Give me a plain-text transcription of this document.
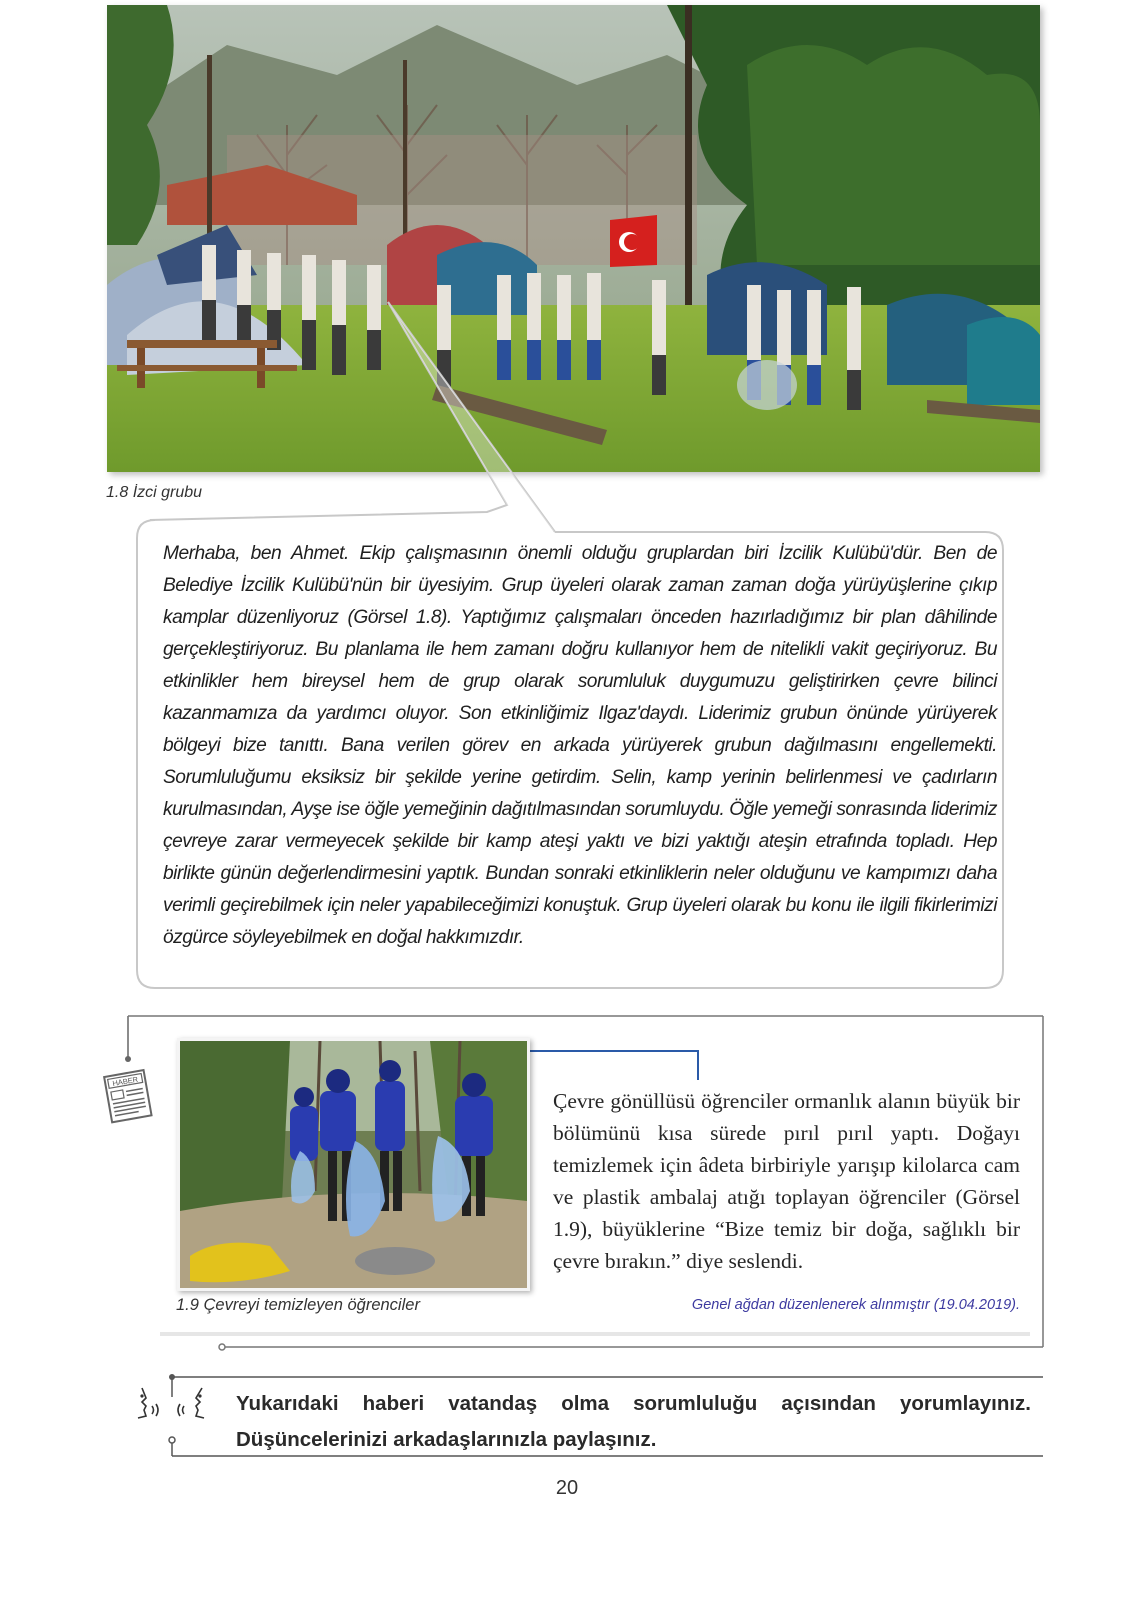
1.8 İzci grubu
Merhaba, ben Ahmet. Ekip çalışmasının önemli olduğu gruplardan biri İzcilik Kulübü'dür. Ben de Belediye İzcilik Kulübü'nün bir üyesiyim. Grup üyeleri olarak zaman zaman doğa yürüyüşlerine çıkıp kamplar düzenliyoruz (Görsel 1.8). Yaptığımız çalışmaları önceden hazırladığımız bir plan dâhilinde gerçekleştiriyoruz. Bu planlama ile hem zamanı doğru kullanıyor hem de nitelikli vakit geçiriyoruz. Bu etkinlikler hem bireysel hem de grup olarak sorumluluk duygumuzu geliştirirken çevre bilinci kazanmamıza da yardımcı oluyor. Son etkinliğimiz Ilgaz'daydı. Liderimiz grubun önünde yürüyerek bölgeyi bize tanıttı. Bana verilen görev en arkada yürüyerek grubun dağılmasını engellemekti. Sorumluluğumu eksiksiz bir şekilde yerine getirdim. Selin, kamp yerinin belirlenmesi ve çadırların kurulmasından, Ayşe ise öğle yemeğinin dağıtılmasından sorumluydu. Öğle yemeği sonrasında liderimiz çevreye zarar vermeyecek şekilde bir kamp ateşi yaktı ve bizi yaktığı ateşin etrafında topladı. Hep birlikte günün değerlendirmesini yaptık. Bundan sonraki etkinliklerin neler olduğunu ve kampımızı daha verimli geçirebilmek için neler yapabileceğimizi konuştuk. Grup üyeleri olarak bu konu ile ilgili fikirlerimizi özgürce söyleyebilmek en doğal hakkımızdır.
HABER
1.9 Çevreyi temizleyen öğrenciler
Çevre gönüllüsü öğrenciler ormanlık alanın büyük bir bölümünü kısa sürede pırıl pırıl yaptı. Doğayı temizlemek için âdeta birbiriyle yarışıp kilolarca cam ve plastik ambalaj atığı toplayan öğrenciler (Görsel 1.9), büyüklerine “Bize temiz bir doğa, sağlıklı bir çevre bırakın.” diye seslendi.
Genel ağdan düzenlenerek alınmıştır (19.04.2019).
Yukarıdaki haberi vatandaş olma sorumluluğu açısından yorumlayınız. Düşüncelerinizi arkadaşlarınızla paylaşınız.
20
